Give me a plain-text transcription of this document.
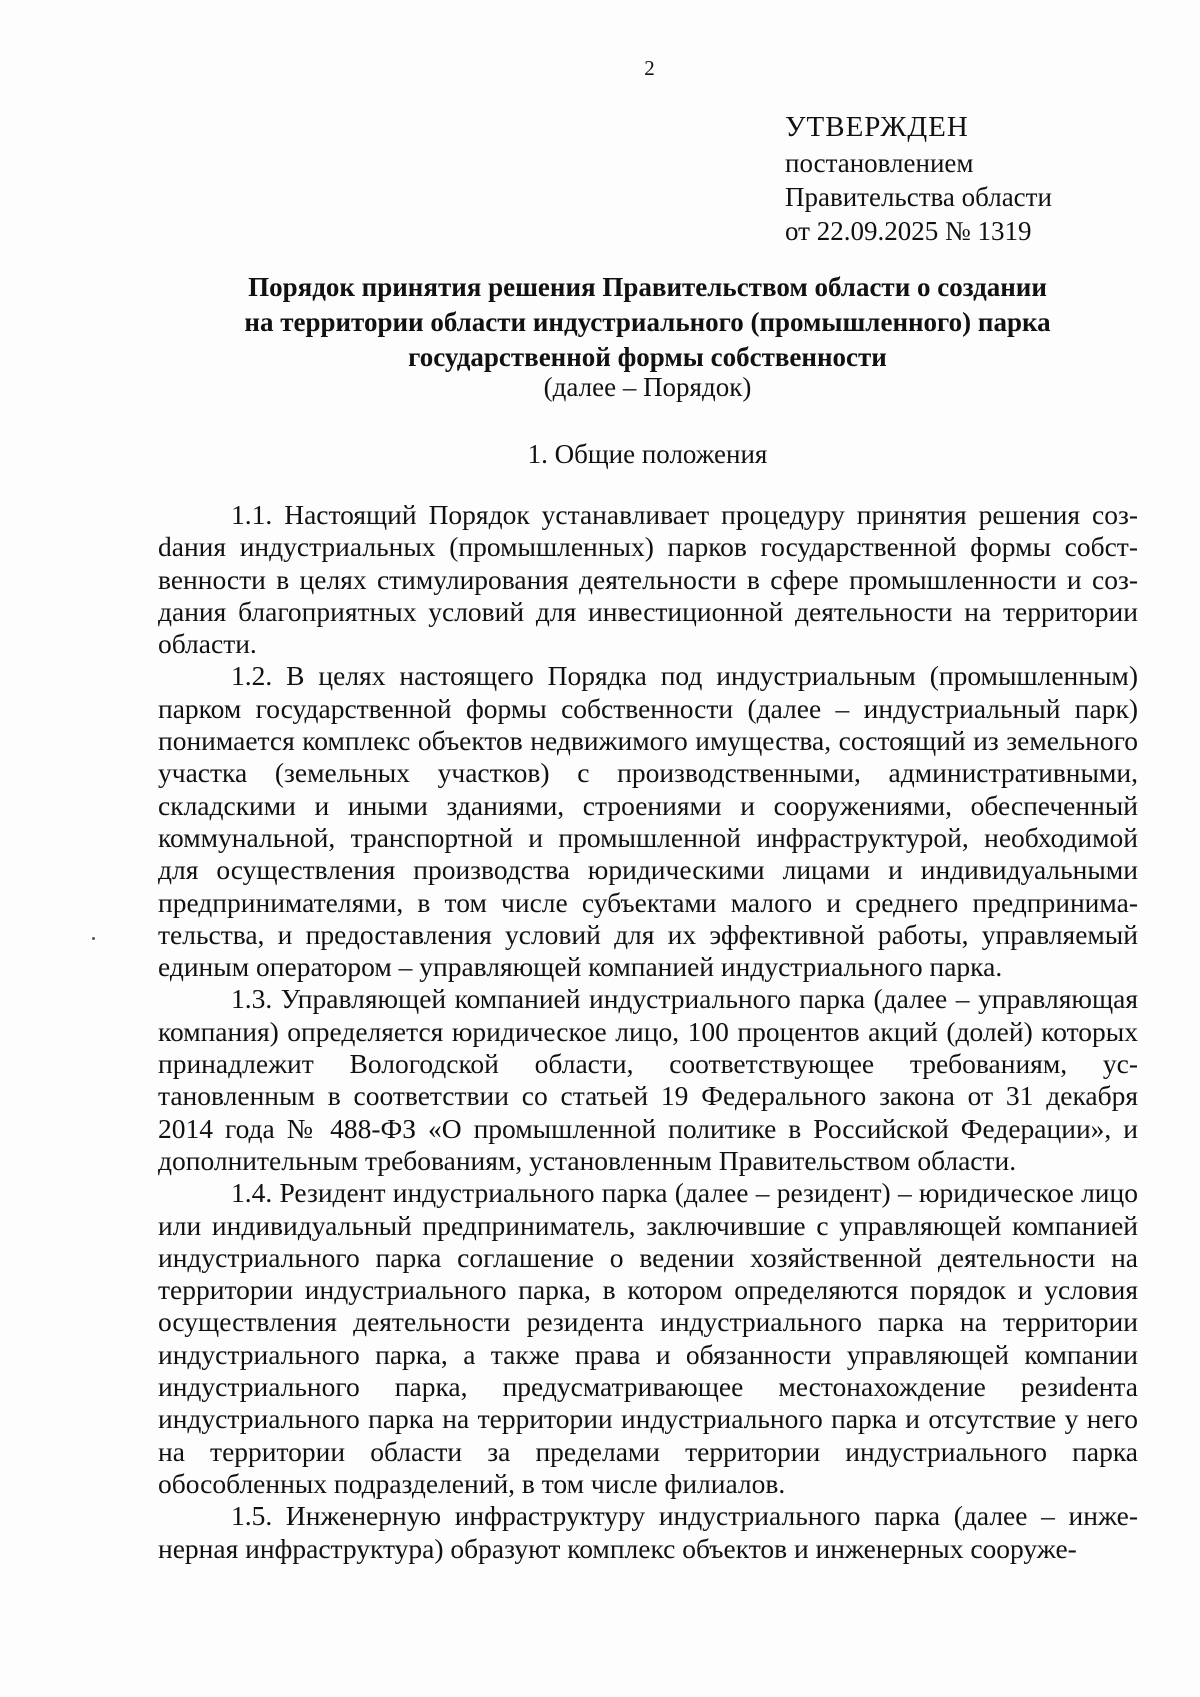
2
УТВЕРЖДЕН
постановлением
Правительства области
от 22.09.2025 № 1319
Порядок принятия решения Правительством области о создании
на территории области индустриального (промышленного) парка
государственной формы собственности
(далее – Порядок)
1. Общие положения

1.1. Настоящий Порядок устанавливает процедуру принятия решения созdания индустриальных (промышленных) парков государственной формы собственности в целях стимулирования деятельности в сфере промышленности и создания благоприятных условий для инвестиционной деятельности на территории области.

1.2. В целях настоящего Порядка под индустриальным (промышленным) парком государственной формы собственности (далее – индустриальный парк) понимается комплекс объектов недвижимого имущества, состоящий из земельного участка (земельных участков) с производственными, административными, складскими и иными зданиями, строениями и сооружениями, обеспеченный коммунальной, транспортной и промышленной инфраструктурой, необходимой для осуществления производства юридическими лицами и индивидуальными предпринимателями, в том числе субъектами малого и среднего предпринимательства, и предоставления условий для их эффективной работы, управляемый единым оператором – управляющей компанией индустриального парка.

1.3. Управляющей компанией индустриального парка (далее – управляющая компания) определяется юридическое лицо, 100 процентов акций (долей) которых принадлежит Вологодской области, соответствующее требованиям, установленным в соответствии со статьей 19 Федерального закона от 31 декабря 2014 года № 488-ФЗ «О промышленной политике в Российской Федерации», и дополнительным требованиям, установленным Правительством области.

1.4. Резидент индустриального парка (далее – резидент) – юридическое лицо или индивидуальный предприниматель, заключившие с управляющей компанией индустриального парка соглашение о ведении хозяйственной деятельности на территории индустриального парка, в котором определяются порядок и условия осуществления деятельности резидента индустриального парка на территории индустриального парка, а также права и обязанности управляющей компании индустриального парка, предусматривающее местонахождение резиdента индустриального парка на территории индустриального парка и отсутствие у него на территории области за пределами территории индустриального парка обособленных подразделений, в том числе филиалов.

1.5. Инженерную инфраструктуру индустриального парка (далее – инженерная инфраструктура) образуют комплекс объектов и инженерных сооруже-
